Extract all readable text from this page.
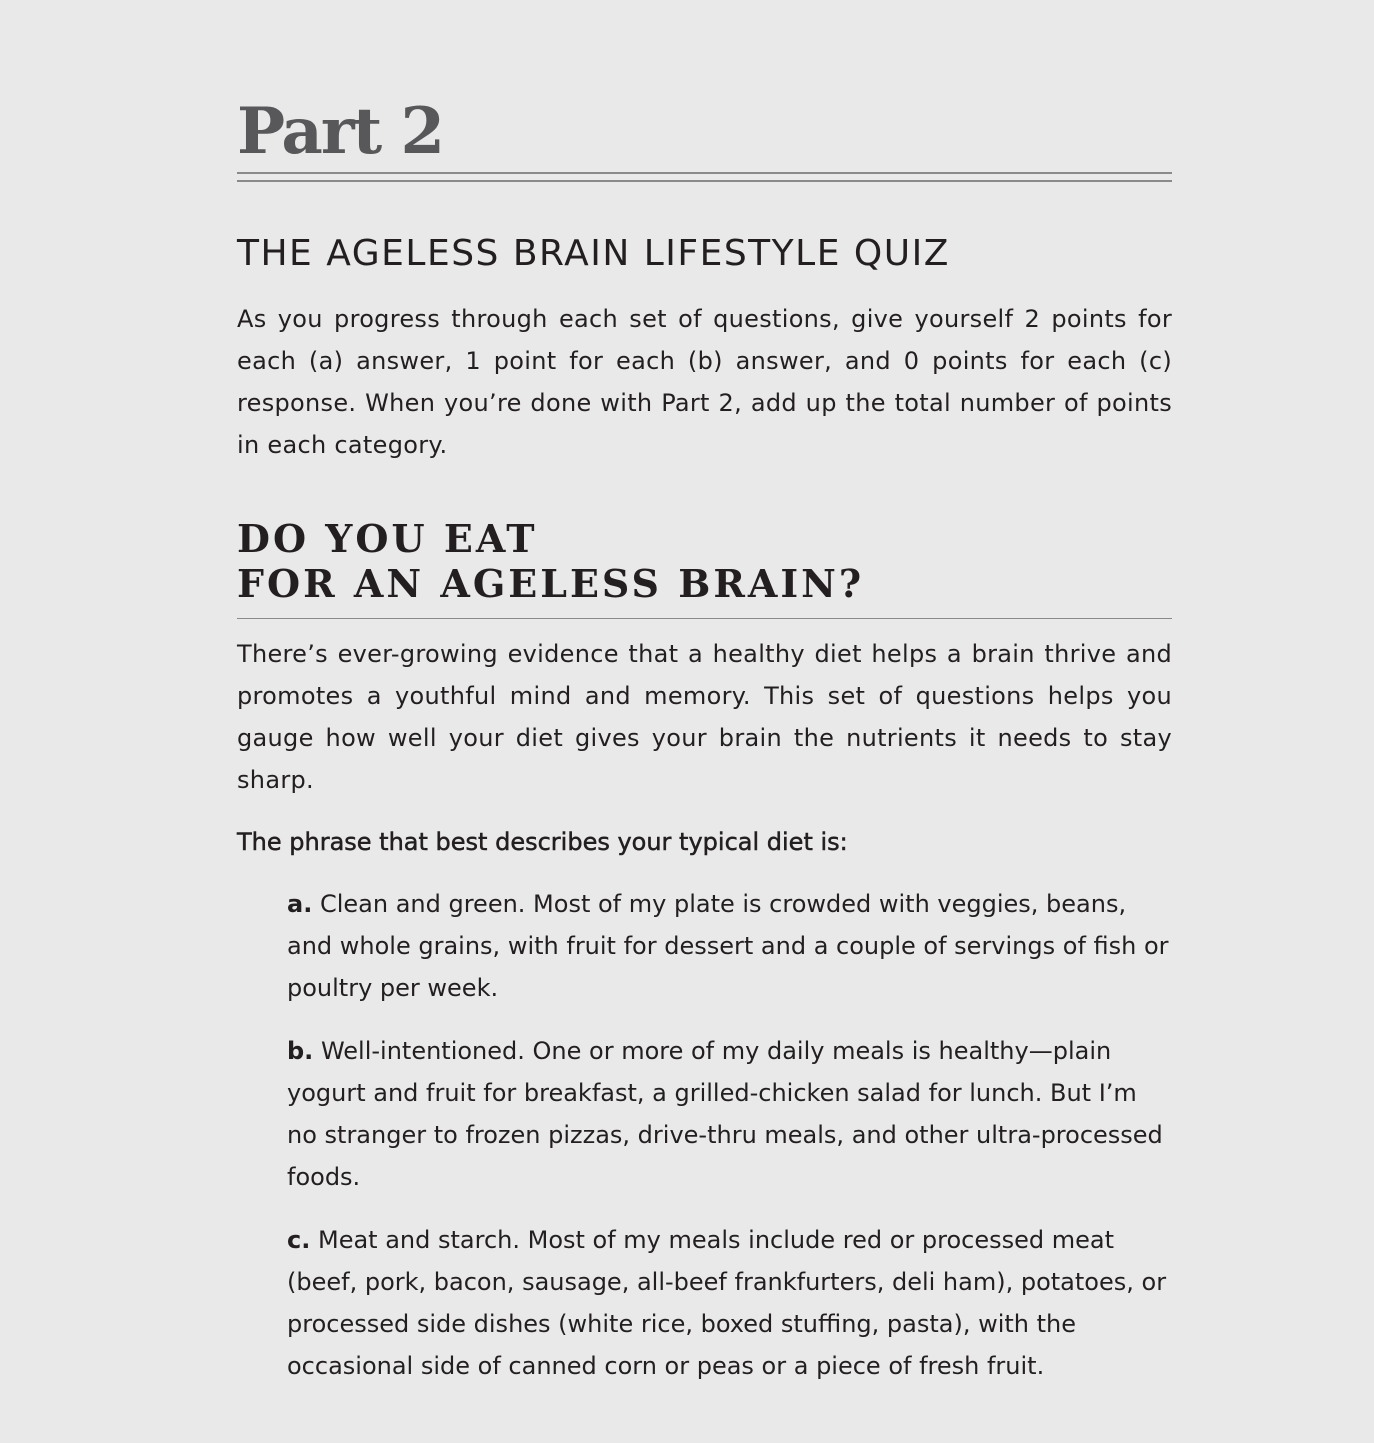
Part 2
THE AGELESS BRAIN LIFESTYLE QUIZ

As you progress through each set of questions, give yourself 2 points for each (a) answer, 1 point for each (b) answer, and 0 points for each (c) response. When you’re done with Part 2, add up the total number of points in each category.

DO YOU EAT
FOR AN AGELESS BRAIN?

There’s ever-growing evidence that a healthy diet helps a brain thrive and promotes a youthful mind and memory. This set of questions helps you gauge how well your diet gives your brain the nutrients it needs to stay sharp.

The phrase that best describes your typical diet is:

a. Clean and green. Most of my plate is crowded with veggies, beans, and whole grains, with fruit for dessert and a couple of servings of fish or poultry per week.
b. Well-intentioned. One or more of my daily meals is healthy—plain yogurt and fruit for breakfast, a grilled-chicken salad for lunch. But I’m no stranger to frozen pizzas, drive-thru meals, and other ultra-processed foods.
c. Meat and starch. Most of my meals include red or processed meat (beef, pork, bacon, sausage, all-beef frankfurters, deli ham), potatoes, or processed side dishes (white rice, boxed stuffing, pasta), with the occasional side of canned corn or peas or a piece of fresh fruit.
